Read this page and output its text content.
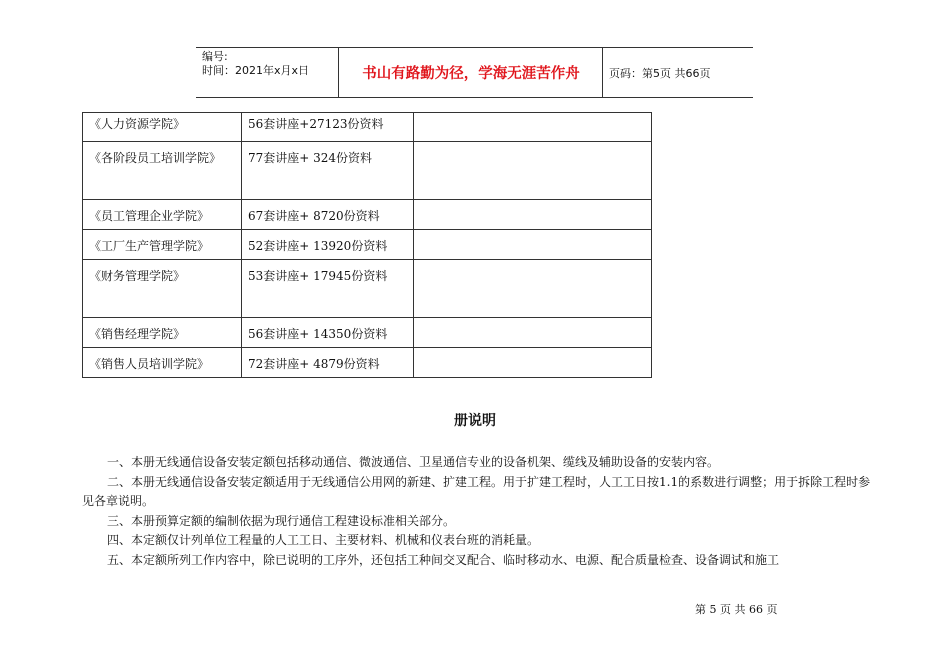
编号:
时间：2021年x月x日	书山有路勤为径，学海无涯苦作舟	页码：第5页 共66页
《人力资源学院》	56套讲座+27123份资料	
《各阶段员工培训学院》	77套讲座+ 324份资料	
《员工管理企业学院》	67套讲座+ 8720份资料	
《工厂生产管理学院》	52套讲座+ 13920份资料	
《财务管理学院》	53套讲座+ 17945份资料	
《销售经理学院》	56套讲座+ 14350份资料	
《销售人员培训学院》	72套讲座+ 4879份资料	
册说明

一、本册无线通信设备安装定额包括移动通信、微波通信、卫星通信专业的设备机架、缆线及辅助设备的安装内容。

二、本册无线通信设备安装定额适用于无线通信公用网的新建、扩建工程。用于扩建工程时，人工工日按1.1的系数进行调整；用于拆除工程时参见各章说明。

三、本册预算定额的编制依据为现行通信工程建设标准相关部分。

四、本定额仅计列单位工程量的人工工日、主要材料、机械和仪表台班的消耗量。

五、本定额所列工作内容中，除已说明的工序外，还包括工种间交叉配合、临时移动水、电源、配合质量检查、设备调试和施工

第 5 页 共 66 页
